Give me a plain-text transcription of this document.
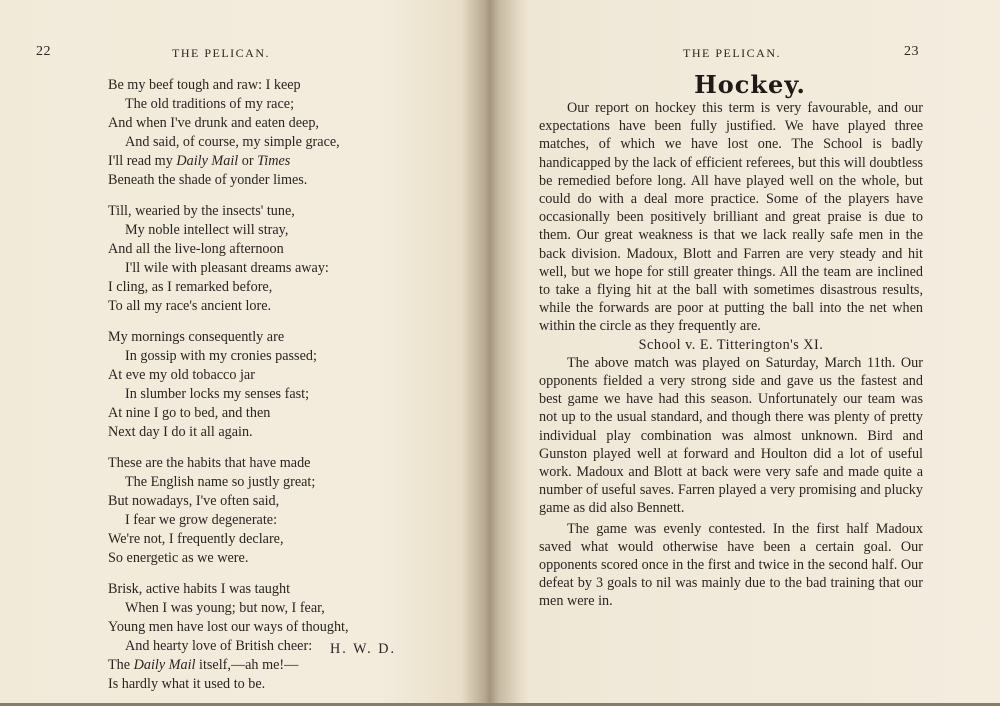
22	THE PELICAN.
Be my beef tough and raw: I keep
The old traditions of my race;
And when I've drunk and eaten deep,
And said, of course, my simple grace,
I'll read my Daily Mail or Times
Beneath the shade of yonder limes.
Till, wearied by the insects' tune,
My noble intellect will stray,
And all the live-long afternoon
I'll wile with pleasant dreams away:
I cling, as I remarked before,
To all my race's ancient lore.
My mornings consequently are
In gossip with my cronies passed;
At eve my old tobacco jar
In slumber locks my senses fast;
At nine I go to bed, and then
Next day I do it all again.
These are the habits that have made
The English name so justly great;
But nowadays, I've often said,
I fear we grow degenerate:
We're not, I frequently declare,
So energetic as we were.
Brisk, active habits I was taught
When I was young; but now, I fear,
Young men have lost our ways of thought,
And hearty love of British cheer:
The Daily Mail itself,—ah me!—
Is hardly what it used to be.
H. W. D.
THE PELICAN.	23
Hockey.

Our report on hockey this term is very favourable, and our expectations have been fully justified. We have played three matches, of which we have lost one. The School is badly handicapped by the lack of efficient referees, but this will doubtless be remedied before long. All have played well on the whole, but could do with a deal more practice. Some of the players have occasionally been positively brilliant and great praise is due to them. Our great weakness is that we lack really safe men in the back division. Madoux, Blott and Farren are very steady and hit well, but we hope for still greater things. All the team are inclined to take a flying hit at the ball with sometimes disastrous results, while the forwards are poor at putting the ball into the net when within the circle as they frequently are.

School v. E. Titterington's XI.

The above match was played on Saturday, March 11th. Our opponents fielded a very strong side and gave us the fastest and best game we have had this season. Unfortunately our team was not up to the usual standard, and though there was plenty of pretty individual play combination was almost unknown. Bird and Gunston played well at forward and Houlton did a lot of useful work. Madoux and Blott at back were very safe and made quite a number of useful saves. Farren played a very promising and plucky game as did also Bennett.

The game was evenly contested. In the first half Madoux saved what would otherwise have been a certain goal. Our opponents scored once in the first and twice in the second half. Our defeat by 3 goals to nil was mainly due to the bad training that our men were in.
